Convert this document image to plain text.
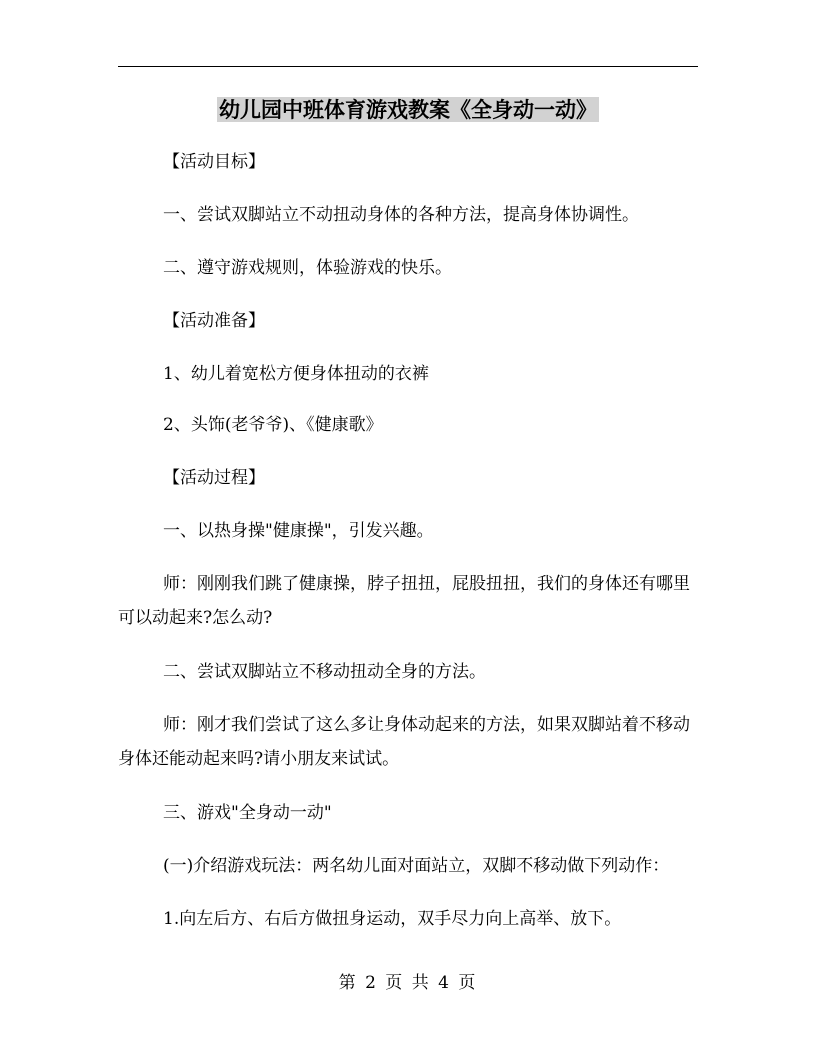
幼儿园中班体育游戏教案《全身动一动》
【活动目标】
一、尝试双脚站立不动扭动身体的各种方法，提高身体协调性。
二、遵守游戏规则，体验游戏的快乐。
【活动准备】
1、幼儿着宽松方便身体扭动的衣裤
2、头饰(老爷爷)、《健康歌》
【活动过程】
一、以热身操"健康操"，引发兴趣。
师：刚刚我们跳了健康操，脖子扭扭，屁股扭扭，我们的身体还有哪里可以动起来?怎么动?
二、尝试双脚站立不移动扭动全身的方法。
师：刚才我们尝试了这么多让身体动起来的方法，如果双脚站着不移动身体还能动起来吗?请小朋友来试试。
三、游戏"全身动一动"
(一)介绍游戏玩法：两名幼儿面对面站立，双脚不移动做下列动作：
1.向左后方、右后方做扭身运动，双手尽力向上高举、放下。
第 2 页 共 4 页
